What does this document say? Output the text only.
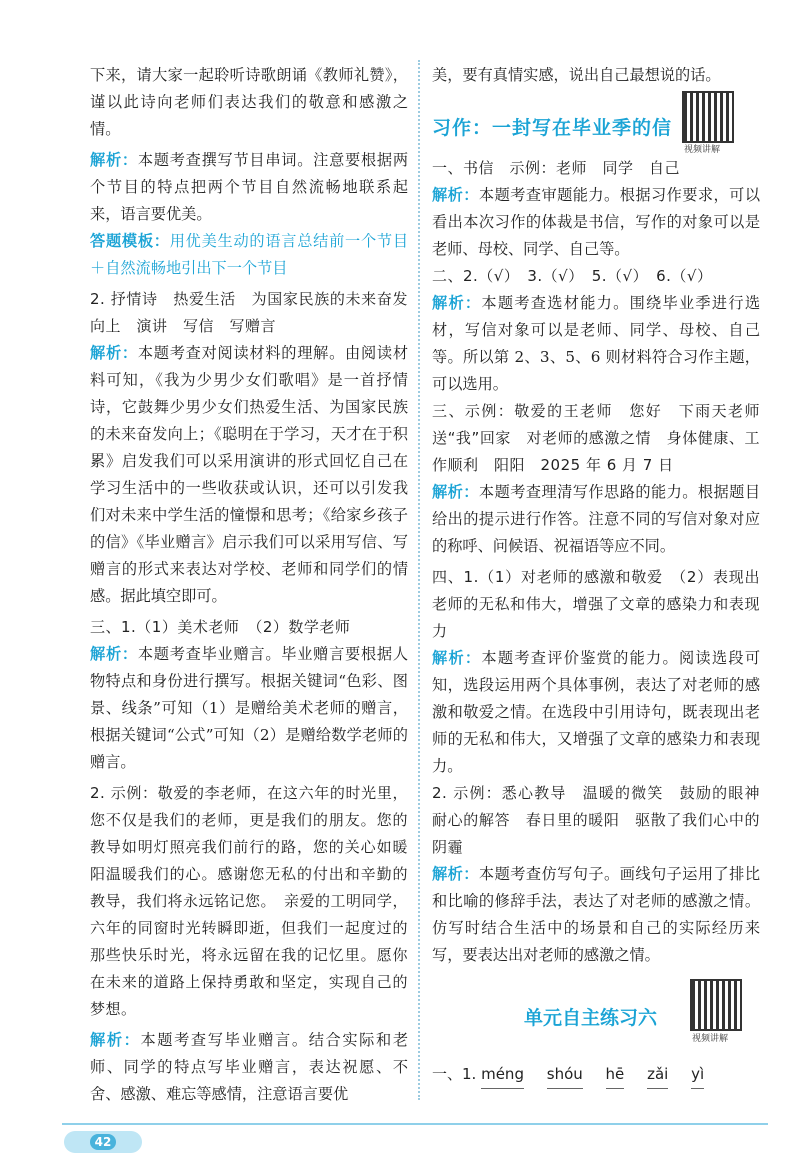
下来，请大家一起聆听诗歌朗诵《教师礼赞》，谨以此诗向老师们表达我们的敬意和感激之情。

解析：本题考查撰写节目串词。注意要根据两个节目的特点把两个节目自然流畅地联系起来，语言要优美。

答题模板：用优美生动的语言总结前一个节目＋自然流畅地引出下一个节目

2. 抒情诗　热爱生活　为国家民族的未来奋发向上　演讲　写信　写赠言

解析：本题考查对阅读材料的理解。由阅读材料可知，《我为少男少女们歌唱》是一首抒情诗，它鼓舞少男少女们热爱生活、为国家民族的未来奋发向上；《聪明在于学习，天才在于积累》启发我们可以采用演讲的形式回忆自己在学习生活中的一些收获或认识，还可以引发我们对未来中学生活的憧憬和思考；《给家乡孩子的信》《毕业赠言》启示我们可以采用写信、写赠言的形式来表达对学校、老师和同学们的情感。据此填空即可。

三、1.（1）美术老师　（2）数学老师

解析：本题考查毕业赠言。毕业赠言要根据人物特点和身份进行撰写。根据关键词“色彩、图景、线条”可知（1）是赠给美术老师的赠言，根据关键词“公式”可知（2）是赠给数学老师的赠言。

2. 示例：敬爱的李老师，在这六年的时光里，您不仅是我们的老师，更是我们的朋友。您的教导如明灯照亮我们前行的路，您的关心如暖阳温暖我们的心。感谢您无私的付出和辛勤的教导，我们将永远铭记您。　亲爱的工明同学，六年的同窗时光转瞬即逝，但我们一起度过的那些快乐时光，将永远留在我的记忆里。愿你在未来的道路上保持勇敢和坚定，实现自己的梦想。

解析：本题考查写毕业赠言。结合实际和老师、同学的特点写毕业赠言，表达祝愿、不舍、感激、难忘等感情，注意语言要优

美，要有真情实感，说出自己最想说的话。

习作：一封写在毕业季的信
视频讲解

一、书信　示例：老师　同学　自己

解析：本题考查审题能力。根据习作要求，可以看出本次习作的体裁是书信，写作的对象可以是老师、母校、同学、自己等。

二、2.（√）　3.（√）　5.（√）　6.（√）

解析：本题考查选材能力。围绕毕业季进行选材，写信对象可以是老师、同学、母校、自己等。所以第 2、3、5、6 则材料符合习作主题，可以选用。

三、示例：敬爱的王老师　您好　下雨天老师送“我”回家　对老师的感激之情　身体健康、工作顺利　阳阳　2025 年 6 月 7 日

解析：本题考查理清写作思路的能力。根据题目给出的提示进行作答。注意不同的写信对象对应的称呼、问候语、祝福语等应不同。

四、1.（1）对老师的感激和敬爱　（2）表现出老师的无私和伟大，增强了文章的感染力和表现力

解析：本题考查评价鉴赏的能力。阅读选段可知，选段运用两个具体事例，表达了对老师的感激和敬爱之情。在选段中引用诗句，既表现出老师的无私和伟大，又增强了文章的感染力和表现力。

2. 示例：悉心教导　温暖的微笑　鼓励的眼神　耐心的解答　春日里的暖阳　驱散了我们心中的阴霾

解析：本题考查仿写句子。画线句子运用了排比和比喻的修辞手法，表达了对老师的感激之情。仿写时结合生活中的场景和自己的实际经历来写，要表达出对老师的感激之情。

单元自主练习六
视频讲解

一、1. méng shóu hē zǎi yì

42
